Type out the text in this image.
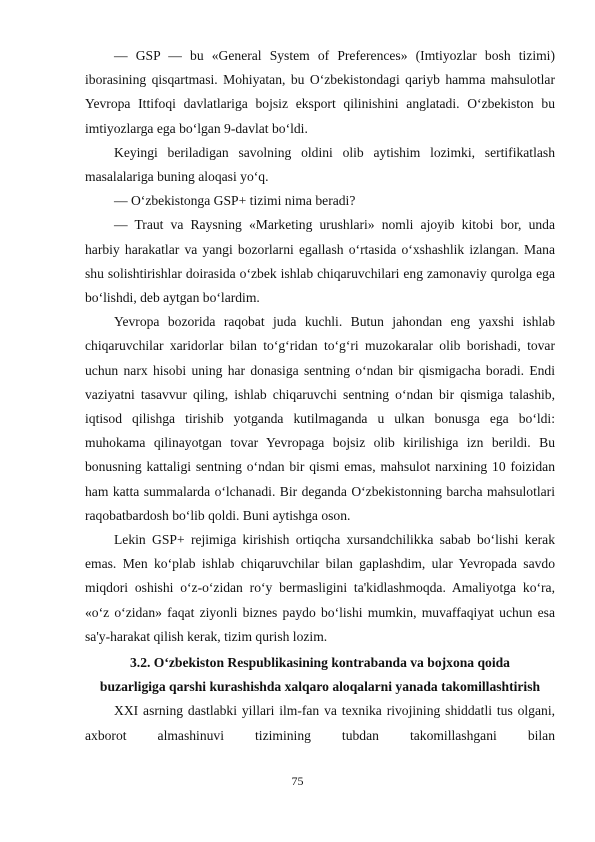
— GSP — bu «General System of Preferences» (Imtiyozlar bosh tizimi) iborasining qisqartmasi. Mohiyatan, bu O‘zbekistondagi qariyb hamma mahsulotlar Yevropa Ittifoqi davlatlariga bojsiz eksport qilinishini anglatadi. O‘zbekiston bu imtiyozlarga ega bo‘lgan 9-davlat bo‘ldi.

Keyingi beriladigan savolning oldini olib aytishim lozimki, sertifikatlash masalalariga buning aloqasi yo‘q.

— O‘zbekistonga GSP+ tizimi nima beradi?

— Traut va Raysning «Marketing urushlari» nomli ajoyib kitobi bor, unda harbiy harakatlar va yangi bozorlarni egallash o‘rtasida o‘xshashlik izlangan. Mana shu solishtirishlar doirasida o‘zbek ishlab chiqaruvchilari eng zamonaviy qurolga ega bo‘lishdi, deb aytgan bo‘lardim.

Yevropa bozorida raqobat juda kuchli. Butun jahondan eng yaxshi ishlab chiqaruvchilar xaridorlar bilan to‘g‘ridan to‘g‘ri muzokaralar olib borishadi, tovar uchun narx hisobi uning har donasiga sentning o‘ndan bir qismigacha boradi. Endi vaziyatni tasavvur qiling, ishlab chiqaruvchi sentning o‘ndan bir qismiga talashib, iqtisod qilishga tirishib yotganda kutilmaganda u ulkan bonusga ega bo‘ldi: muhokama qilinayotgan tovar Yevropaga bojsiz olib kirilishiga izn berildi. Bu bonusning kattaligi sentning o‘ndan bir qismi emas, mahsulot narxining 10 foizidan ham katta summalarda o‘lchanadi. Bir deganda O‘zbekistonning barcha mahsulotlari raqobatbardosh bo‘lib qoldi. Buni aytishga oson.

Lekin GSP+ rejimiga kirishish ortiqcha xursandchilikka sabab bo‘lishi kerak emas. Men ko‘plab ishlab chiqaruvchilar bilan gaplashdim, ular Yevropada savdo miqdori oshishi o‘z-o‘zidan ro‘y bermasligini ta'kidlashmoqda. Amaliyotga ko‘ra, «o‘z o‘zidan» faqat ziyonli biznes paydo bo‘lishi mumkin, muvaffaqiyat uchun esa sa'y-harakat qilish kerak, tizim qurish lozim.

3.2. O‘zbekiston Respublikasining kontrabanda va bojxona qoida
buzarligiga qarshi kurashishda xalqaro aloqalarni yanada takomillashtirish

XXI asrning dastlabki yillari ilm-fan va texnika rivojining shiddatli tus olgani, axborot almashinuvi tizimining tubdan takomillashgani bilan

75
